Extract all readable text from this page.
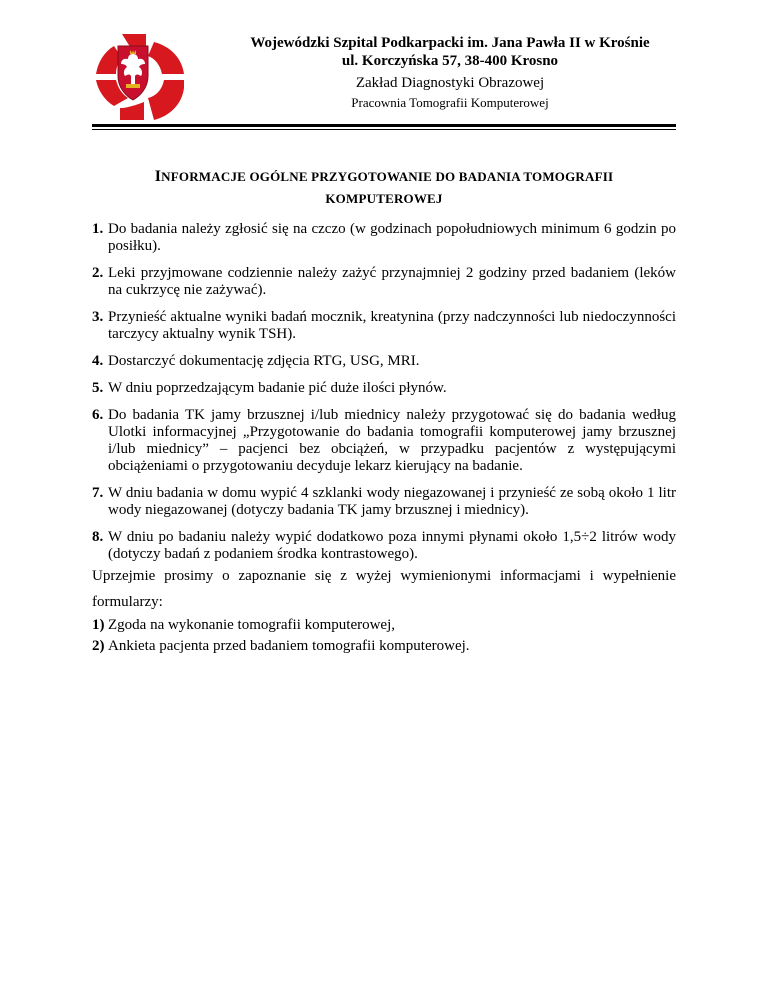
Wojewódzki Szpital Podkarpacki im. Jana Pawła II w Krośnie
ul. Korczyńska 57, 38-400 Krosno
Zakład Diagnostyki Obrazowej
Pracownia Tomografii Komputerowej
INFORMACJE OGÓLNE PRZYGOTOWANIE DO BADANIA TOMOGRAFII
KOMPUTEROWEJ
1. Do badania należy zgłosić się na czczo (w godzinach popołudniowych minimum 6 godzin po posiłku).
2. Leki przyjmowane codziennie należy zażyć przynajmniej 2 godziny przed badaniem (leków na cukrzycę nie zażywać).
3. Przynieść aktualne wyniki badań mocznik, kreatynina (przy nadczynności lub niedoczynności tarczycy aktualny wynik TSH).
4. Dostarczyć dokumentację zdjęcia RTG, USG, MRI.
5. W dniu poprzedzającym badanie pić duże ilości płynów.
6. Do badania TK jamy brzusznej i/lub miednicy należy przygotować się do badania według Ulotki informacyjnej „Przygotowanie do badania tomografii komputerowej jamy brzusznej i/lub miednicy” – pacjenci bez obciążeń, w przypadku pacjentów z występującymi obciążeniami o przygotowaniu decyduje lekarz kierujący na badanie.
7. W dniu badania w domu wypić 4 szklanki wody niegazowanej i przynieść ze sobą około 1 litr wody niegazowanej (dotyczy badania TK jamy brzusznej i miednicy).
8. W dniu po badaniu należy wypić dodatkowo poza innymi płynami około 1,5÷2 litrów wody (dotyczy badań z podaniem środka kontrastowego).
Uprzejmie prosimy o zapoznanie się z wyżej wymienionymi informacjami i wypełnienie formularzy:
1) Zgoda na wykonanie tomografii komputerowej,
2) Ankieta pacjenta przed badaniem tomografii komputerowej.
